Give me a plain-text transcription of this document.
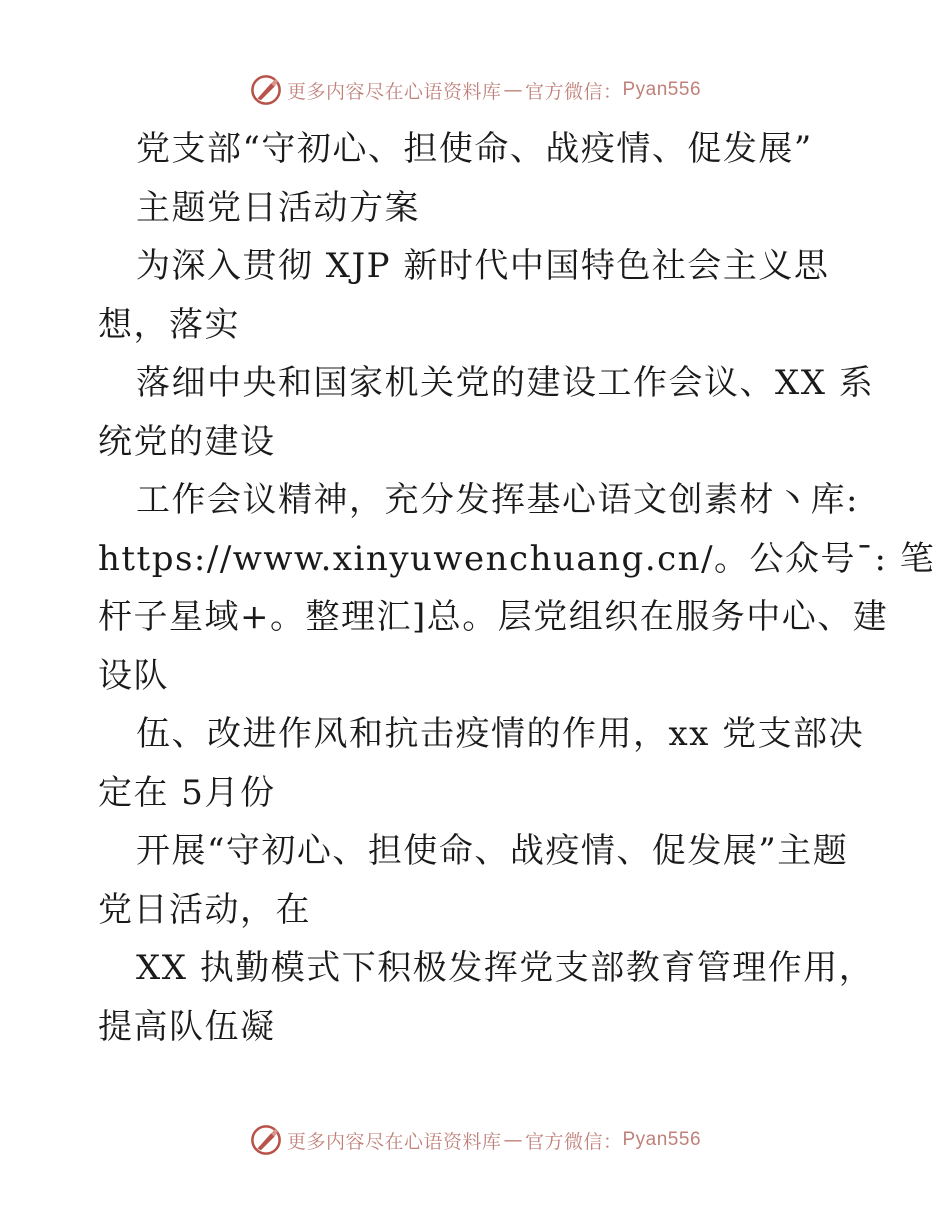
更多内容尽在心语资料库 — 官方微信： Pyan556
党支部“守初心、担使命、战疫情、促发展”
主题党日活动方案
为深入贯彻 XJP 新时代中国特色社会主义思
想，落实
落细中央和国家机关党的建设工作会议、XX 系
统党的建设
工作会议精神，充分发挥基心语文创素材丶库:
https://www.xinyuwenchuang.cn/。公众号¯: 笔
杆子星域+。整理汇]总。层党组织在服务中心、建
设队
伍、改进作风和抗击疫情的作用，xx 党支部决
定在 5月份
开展“守初心、担使命、战疫情、促发展”主题
党日活动，在
XX 执勤模式下积极发挥党支部教育管理作用，
提高队伍凝
更多内容尽在心语资料库 — 官方微信： Pyan556
